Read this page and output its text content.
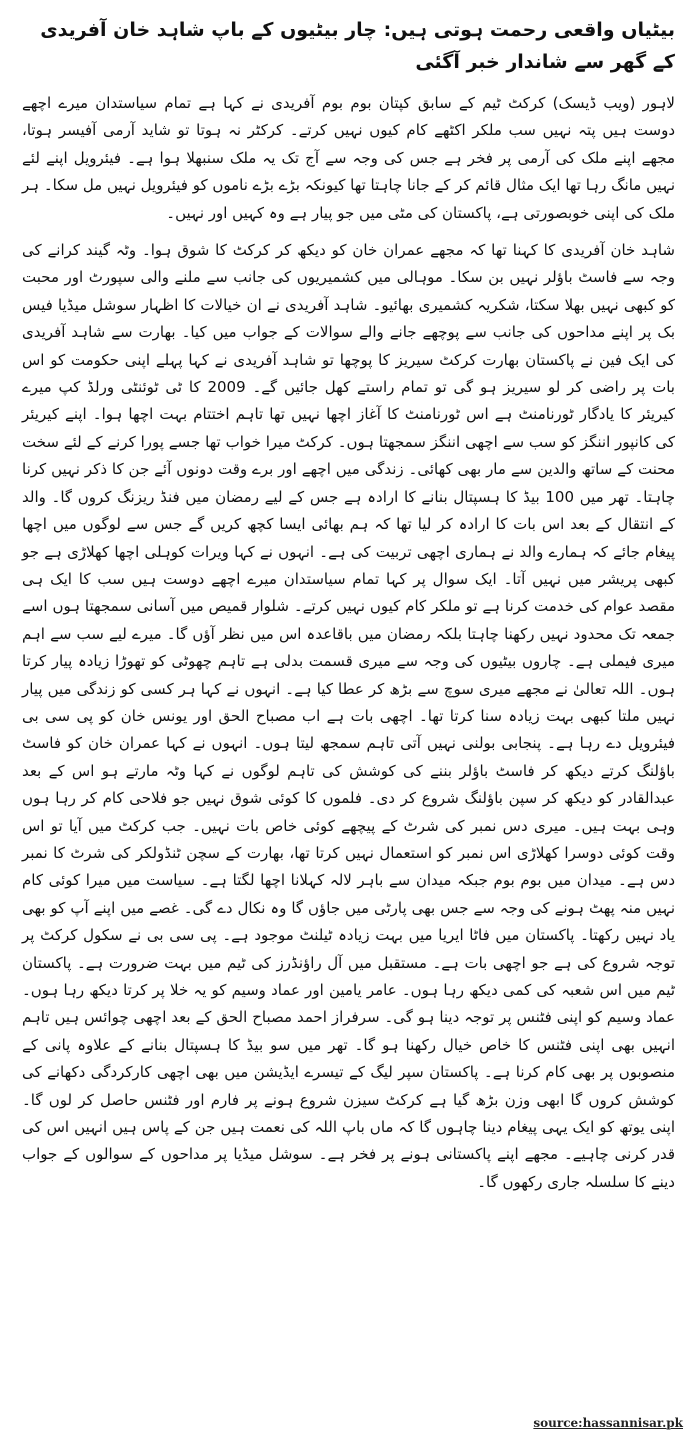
بیٹیاں واقعی رحمت ہوتی ہیں: چار بیٹیوں کے باپ شاہد خان آفریدی کے گھر سے شاندار خبر آگئی

لاہور (ویب ڈیسک) کرکٹ ٹیم کے سابق کپتان بوم بوم آفریدی نے کہا ہے تمام سیاستدان میرے اچھے دوست ہیں پتہ نہیں سب ملکر اکٹھے کام کیوں نہیں کرتے۔ کرکٹر نہ ہوتا تو شاید آرمی آفیسر ہوتا، مجھے اپنے ملک کی آرمی پر فخر ہے جس کی وجہ سے آج تک یہ ملک سنبھلا ہوا ہے۔ فیئرویل اپنے لئے نہیں مانگ رہا تھا ایک مثال قائم کر کے جانا چاہتا تھا کیونکہ بڑے بڑے ناموں کو فیئرویل نہیں مل سکا۔ ہر ملک کی اپنی خوبصورتی ہے، پاکستان کی مٹی میں جو پیار ہے وہ کہیں اور نہیں۔

شاہد خان آفریدی کا کہنا تھا کہ مجھے عمران خان کو دیکھ کر کرکٹ کا شوق ہوا۔ وٹہ گیند کرانے کی وجہ سے فاسٹ باؤلر نہیں بن سکا۔ موہالی میں کشمیریوں کی جانب سے ملنے والی سپورٹ اور محبت کو کبھی نہیں بھلا سکتا، شکریہ کشمیری بھائیو۔ شاہد آفریدی نے ان خیالات کا اظہار سوشل میڈیا فیس بک پر اپنے مداحوں کی جانب سے پوچھے جانے والے سوالات کے جواب میں کیا۔ بھارت سے شاہد آفریدی کی ایک فین نے پاکستان بھارت کرکٹ سیریز کا پوچھا تو شاہد آفریدی نے کہا پہلے اپنی حکومت کو اس بات پر راضی کر لو سیریز ہو گی تو تمام راستے کھل جائیں گے۔ 2009 کا ٹی ٹوئنٹی ورلڈ کپ میرے کیریئر کا یادگار ٹورنامنٹ ہے اس ٹورنامنٹ کا آغاز اچھا نہیں تھا تاہم اختتام بہت اچھا ہوا۔ اپنے کیریئر کی کانپور اننگز کو سب سے اچھی اننگز سمجھتا ہوں۔ کرکٹ میرا خواب تھا جسے پورا کرنے کے لئے سخت محنت کے ساتھ والدین سے مار بھی کھائی۔ زندگی میں اچھے اور برے وقت دونوں آئے جن کا ذکر نہیں کرنا چاہتا۔ تھر میں 100 بیڈ کا ہسپتال بنانے کا ارادہ ہے جس کے لیے رمضان میں فنڈ ریزنگ کروں گا۔ والد کے انتقال کے بعد اس بات کا ارادہ کر لیا تھا کہ ہم بھائی ایسا کچھ کریں گے جس سے لوگوں میں اچھا پیغام جائے کہ ہمارے والد نے ہماری اچھی تربیت کی ہے۔ انہوں نے کہا ویرات کوہلی اچھا کھلاڑی ہے جو کبھی پریشر میں نہیں آتا۔ ایک سوال پر کہا تمام سیاستدان میرے اچھے دوست ہیں سب کا ایک ہی مقصد عوام کی خدمت کرنا ہے تو ملکر کام کیوں نہیں کرتے۔ شلوار قمیص میں آسانی سمجھتا ہوں اسے جمعہ تک محدود نہیں رکھنا چاہتا بلکہ رمضان میں باقاعدہ اس میں نظر آؤں گا۔ میرے لیے سب سے اہم میری فیملی ہے۔ چاروں بیٹیوں کی وجہ سے میری قسمت بدلی ہے تاہم چھوٹی کو تھوڑا زیادہ پیار کرتا ہوں۔ اللہ تعالیٰ نے مجھے میری سوچ سے بڑھ کر عطا کیا ہے۔ انہوں نے کہا ہر کسی کو زندگی میں پیار نہیں ملتا کبھی بہت زیادہ سنا کرتا تھا۔ اچھی بات ہے اب مصباح الحق اور یونس خان کو پی سی بی فیئرویل دے رہا ہے۔ پنجابی بولنی نہیں آتی تاہم سمجھ لیتا ہوں۔ انہوں نے کہا عمران خان کو فاسٹ باؤلنگ کرتے دیکھ کر فاسٹ باؤلر بننے کی کوشش کی تاہم لوگوں نے کہا وٹہ مارتے ہو اس کے بعد عبدالقادر کو دیکھ کر سپن باؤلنگ شروع کر دی۔ فلموں کا کوئی شوق نہیں جو فلاحی کام کر رہا ہوں وہی بہت ہیں۔ میری دس نمبر کی شرٹ کے پیچھے کوئی خاص بات نہیں۔ جب کرکٹ میں آیا تو اس وقت کوئی دوسرا کھلاڑی اس نمبر کو استعمال نہیں کرتا تھا، بھارت کے سچن ٹنڈولکر کی شرٹ کا نمبر دس ہے۔ میدان میں بوم بوم جبکہ میدان سے باہر لالہ کہلانا اچھا لگتا ہے۔ سیاست میں میرا کوئی کام نہیں منہ پھٹ ہونے کی وجہ سے جس بھی پارٹی میں جاؤں گا وہ نکال دے گی۔ غصے میں اپنے آپ کو بھی یاد نہیں رکھتا۔ پاکستان میں فاٹا ایریا میں بہت زیادہ ٹیلنٹ موجود ہے۔ پی سی بی نے سکول کرکٹ پر توجہ شروع کی ہے جو اچھی بات ہے۔ مستقبل میں آل راؤنڈرز کی ٹیم میں بہت ضرورت ہے۔ پاکستان ٹیم میں اس شعبہ کی کمی دیکھ رہا ہوں۔ عامر یامین اور عماد وسیم کو یہ خلا پر کرتا دیکھ رہا ہوں۔ عماد وسیم کو اپنی فٹنس پر توجہ دینا ہو گی۔ سرفراز احمد مصباح الحق کے بعد اچھی چوائس ہیں تاہم انہیں بھی اپنی فٹنس کا خاص خیال رکھنا ہو گا۔ تھر میں سو بیڈ کا ہسپتال بنانے کے علاوہ پانی کے منصوبوں پر بھی کام کرنا ہے۔ پاکستان سپر لیگ کے تیسرے ایڈیشن میں بھی اچھی کارکردگی دکھانے کی کوشش کروں گا ابھی وزن بڑھ گیا ہے کرکٹ سیزن شروع ہونے پر فارم اور فٹنس حاصل کر لوں گا۔ اپنی یوتھ کو ایک یہی پیغام دینا چاہوں گا کہ ماں باپ اللہ کی نعمت ہیں جن کے پاس ہیں انہیں اس کی قدر کرنی چاہیے۔ مجھے اپنے پاکستانی ہونے پر فخر ہے۔ سوشل میڈیا پر مداحوں کے سوالوں کے جواب دینے کا سلسلہ جاری رکھوں گا۔

source:hassannisar.pk
